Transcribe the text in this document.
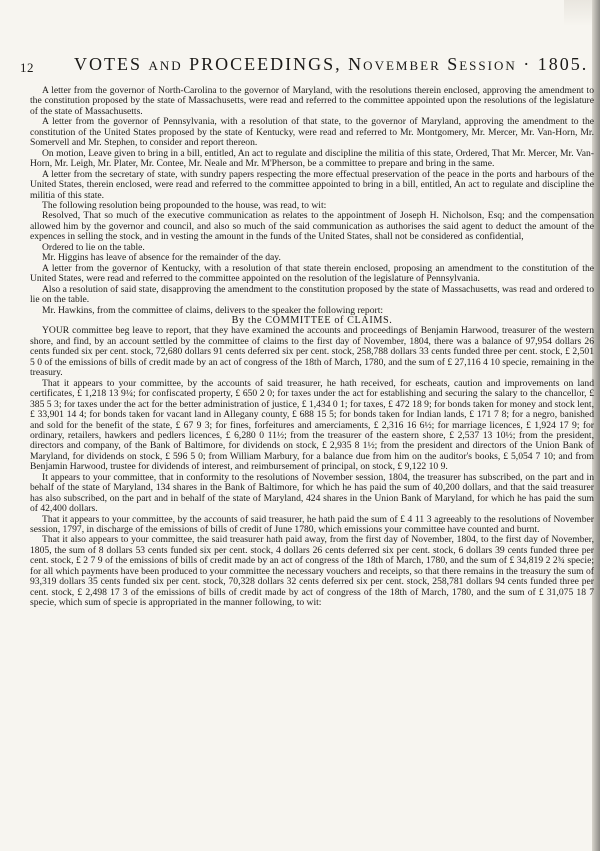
12 VOTES and PROCEEDINGS, November Session · 1805.

A letter from the governor of North-Carolina to the governor of Maryland, with the resolutions therein enclosed, approving the amendment to the constitution proposed by the state of Massachusetts, were read and referred to the committee appointed upon the resolutions of the legislature of the state of Massachusetts.

A letter from the governor of Pennsylvania, with a resolution of that state, to the governor of Maryland, approving the amendment to the constitution of the United States proposed by the state of Kentucky, were read and referred to Mr. Montgomery, Mr. Mercer, Mr. Van-Horn, Mr. Somervell and Mr. Stephen, to consider and report thereon.

On motion, Leave given to bring in a bill, entitled, An act to regulate and discipline the militia of this state, Ordered, That Mr. Mercer, Mr. Van-Horn, Mr. Leigh, Mr. Plater, Mr. Contee, Mr. Neale and Mr. M'Pherson, be a committee to prepare and bring in the same.

A letter from the secretary of state, with sundry papers respecting the more effectual preservation of the peace in the ports and harbours of the United States, therein enclosed, were read and referred to the committee appointed to bring in a bill, entitled, An act to regulate and discipline the militia of this state.

The following resolution being propounded to the house, was read, to wit:

Resolved, That so much of the executive communication as relates to the appointment of Joseph H. Nicholson, Esq; and the compensation allowed him by the governor and council, and also so much of the said communication as authorises the said agent to deduct the amount of the expences in selling the stock, and in vesting the amount in the funds of the United States, shall not be considered as confidential,

Ordered to lie on the table.

Mr. Higgins has leave of absence for the remainder of the day.

A letter from the governor of Kentucky, with a resolution of that state therein enclosed, proposing an amendment to the constitution of the United States, were read and referred to the committee appointed on the resolution of the legislature of Pennsylvania.

Also a resolution of said state, disapproving the amendment to the constitution proposed by the state of Massachusetts, was read and ordered to lie on the table.

Mr. Hawkins, from the committee of claims, delivers to the speaker the following report:

By the COMMITTEE of CLAIMS.

YOUR committee beg leave to report, that they have examined the accounts and proceedings of Benjamin Harwood, treasurer of the western shore, and find, by an account settled by the committee of claims to the first day of November, 1804, there was a balance of 97,954 dollars 26 cents funded six per cent. stock, 72,680 dollars 91 cents deferred six per cent. stock, 258,788 dollars 33 cents funded three per cent. stock, £ 2,501 5 0 of the emissions of bills of credit made by an act of congress of the 18th of March, 1780, and the sum of £ 27,116 4 10 specie, remaining in the treasury.

That it appears to your committee, by the accounts of said treasurer, he hath received, for escheats, caution and improvements on land certificates, £ 1,218 13 9¼; for confiscated property, £ 650 2 0; for taxes under the act for establishing and securing the salary to the chancellor, £ 385 5 3; for taxes under the act for the better administration of justice, £ 1,434 0 1; for taxes, £ 472 18 9; for bonds taken for money and stock lent, £ 33,901 14 4; for bonds taken for vacant land in Allegany county, £ 688 15 5; for bonds taken for Indian lands, £ 171 7 8; for a negro, banished and sold for the benefit of the state, £ 67 9 3; for fines, forfeitures and amerciaments, £ 2,316 16 6½; for marriage licences, £ 1,924 17 9; for ordinary, retailers, hawkers and pedlers licences, £ 6,280 0 11½; from the treasurer of the eastern shore, £ 2,537 13 10½; from the president, directors and company, of the Bank of Baltimore, for dividends on stock, £ 2,935 8 1½; from the president and directors of the Union Bank of Maryland, for dividends on stock, £ 596 5 0; from William Marbury, for a balance due from him on the auditor's books, £ 5,054 7 10; and from Benjamin Harwood, trustee for dividends of interest, and reimbursement of principal, on stock, £ 9,122 10 9.

It appears to your committee, that in conformity to the resolutions of November session, 1804, the treasurer has subscribed, on the part and in behalf of the state of Maryland, 134 shares in the Bank of Baltimore, for which he has paid the sum of 40,200 dollars, and that the said treasurer has also subscribed, on the part and in behalf of the state of Maryland, 424 shares in the Union Bank of Maryland, for which he has paid the sum of 42,400 dollars.

That it appears to your committee, by the accounts of said treasurer, he hath paid the sum of £ 4 11 3 agreeably to the resolutions of November session, 1797, in discharge of the emissions of bills of credit of June 1780, which emissions your committee have counted and burnt.

That it also appears to your committee, the said treasurer hath paid away, from the first day of November, 1804, to the first day of November, 1805, the sum of 8 dollars 53 cents funded six per cent. stock, 4 dollars 26 cents deferred six per cent. stock, 6 dollars 39 cents funded three per cent. stock, £ 2 7 9 of the emissions of bills of credit made by an act of congress of the 18th of March, 1780, and the sum of £ 34,819 2 2¾ specie; for all which payments have been produced to your committee the necessary vouchers and receipts, so that there remains in the treasury the sum of 93,319 dollars 35 cents funded six per cent. stock, 70,328 dollars 32 cents deferred six per cent. stock, 258,781 dollars 94 cents funded three per cent. stock, £ 2,498 17 3 of the emissions of bills of credit made by act of congress of the 18th of March, 1780, and the sum of £ 31,075 18 7 specie, which sum of specie is appropriated in the manner following, to wit:
